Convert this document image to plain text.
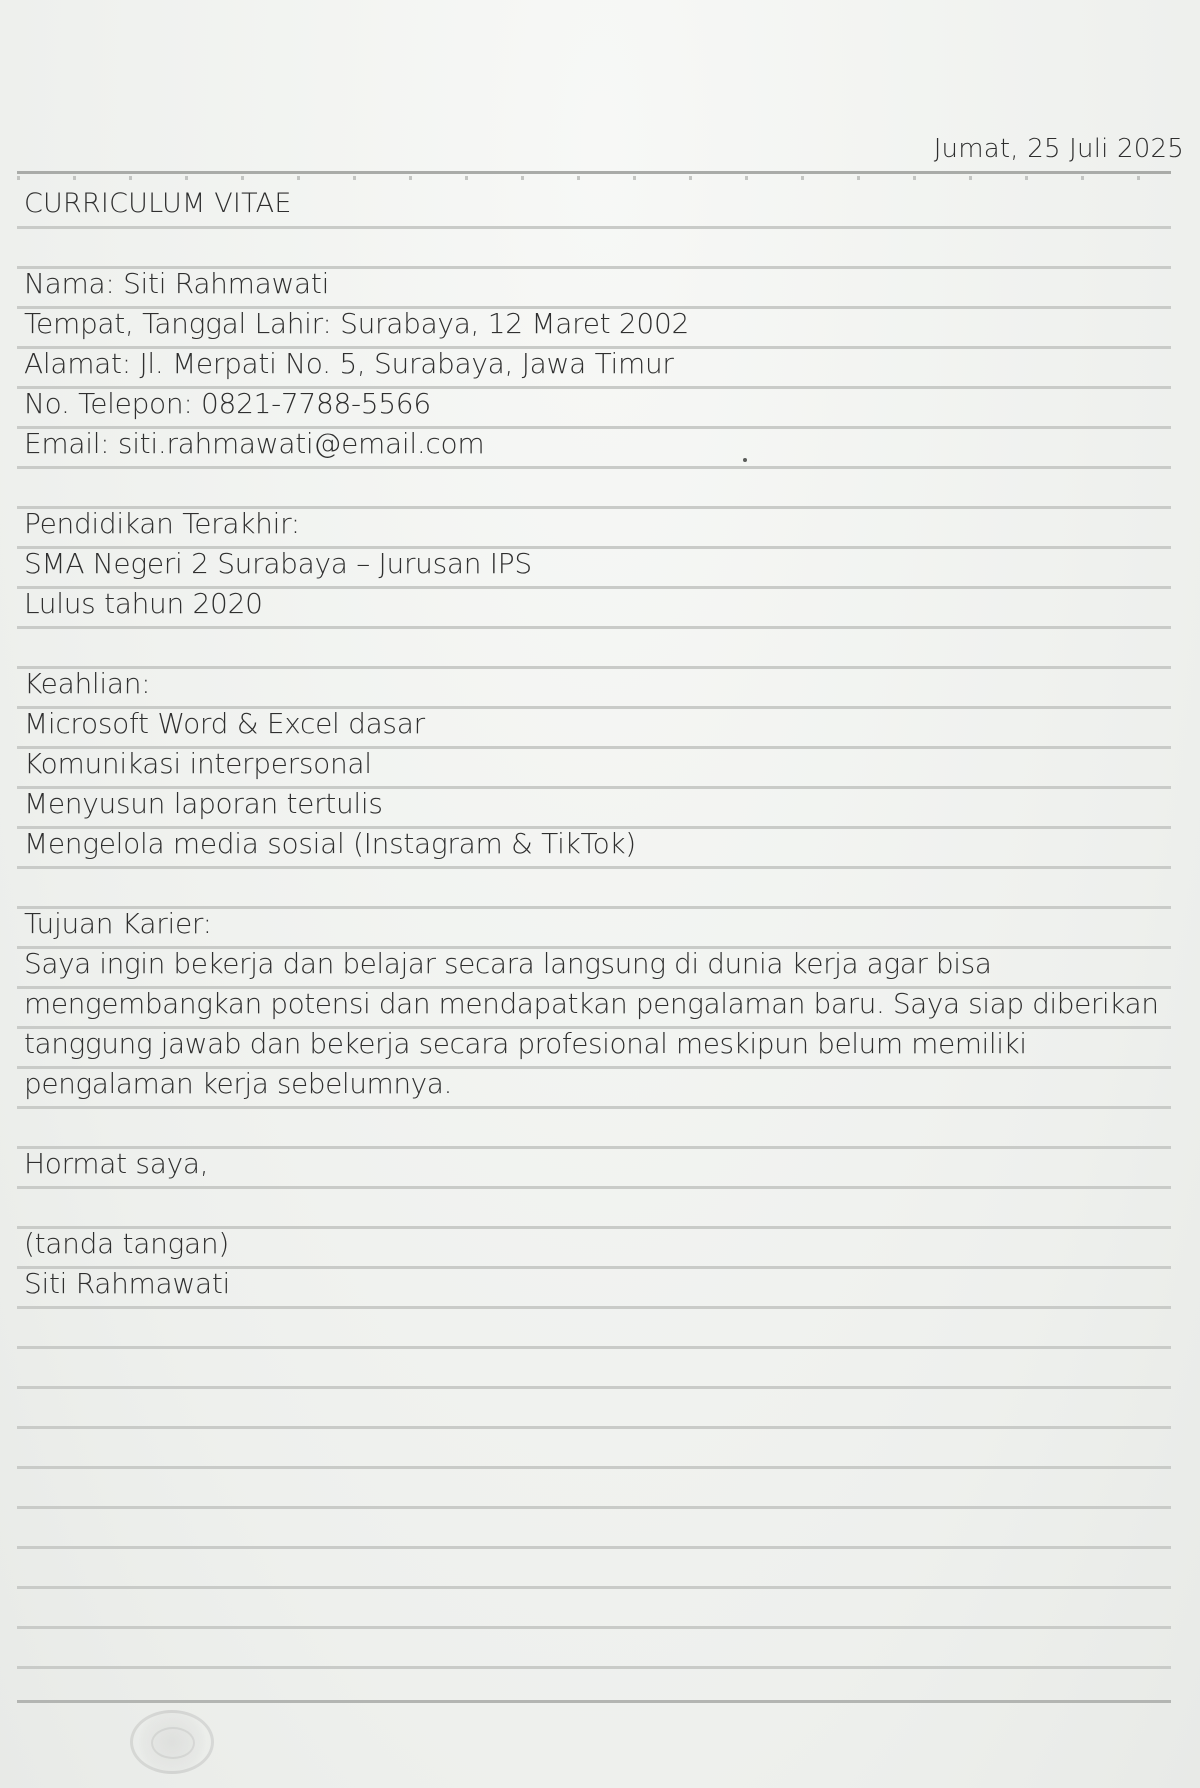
Jumat, 25 Juli 2025
CURRICULUM VITAE
Nama: Siti Rahmawati
Tempat, Tanggal Lahir: Surabaya, 12 Maret 2002
Alamat: Jl. Merpati No. 5, Surabaya, Jawa Timur
No. Telepon: 0821-7788-5566
Email: siti.rahmawati@email.com
Pendidikan Terakhir:
SMA Negeri 2 Surabaya – Jurusan IPS
Lulus tahun 2020
Keahlian:
Microsoft Word & Excel dasar
Komunikasi interpersonal
Menyusun laporan tertulis
Mengelola media sosial (Instagram & TikTok)
Tujuan Karier:
Saya ingin bekerja dan belajar secara langsung di dunia kerja agar bisa mengembangkan potensi dan mendapatkan pengalaman baru. Saya siap diberikan tanggung jawab dan bekerja secara profesional meskipun belum memiliki pengalaman kerja sebelumnya.
Hormat saya,
(tanda tangan)
Siti Rahmawati
